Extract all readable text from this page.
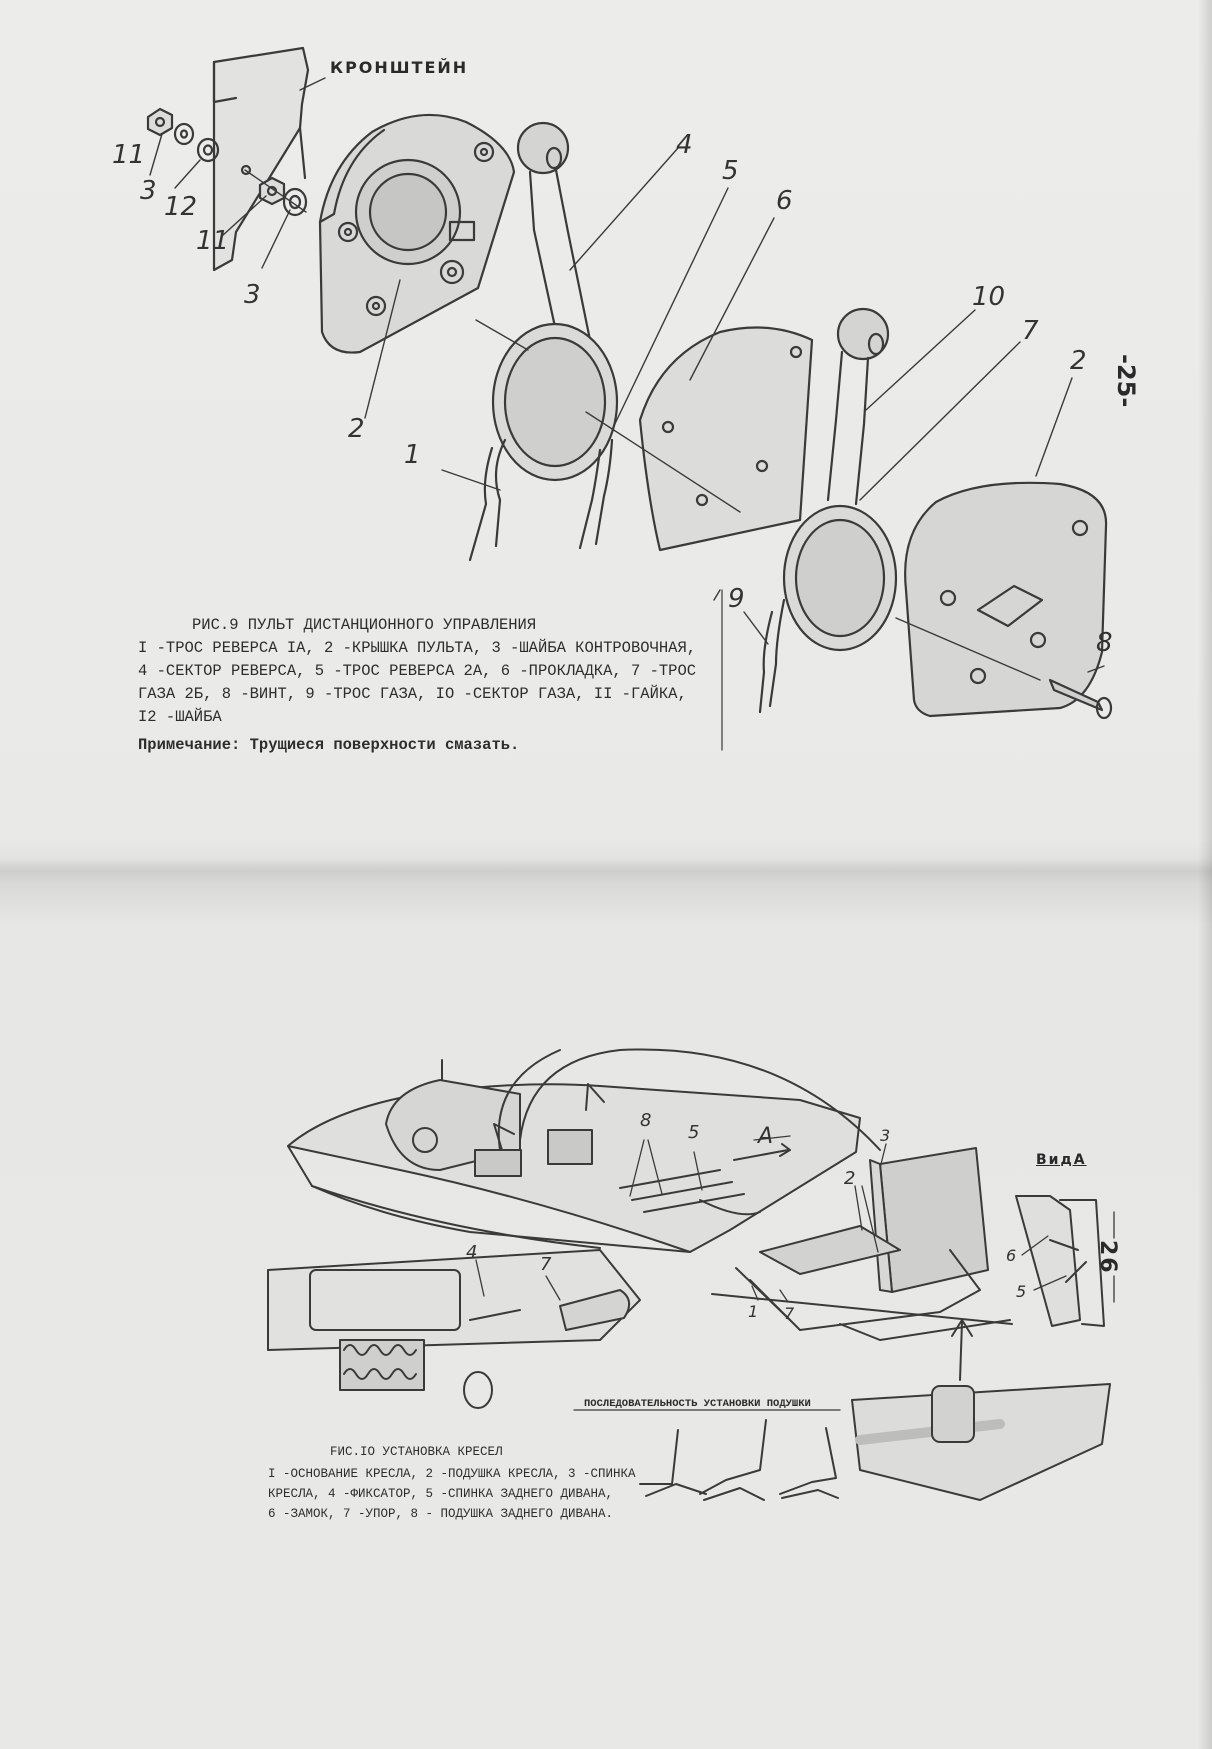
-25-
26
КРОНШТЕЙН
11
3
12
11
3
2
1
4
5
6
10
7
2
9
8
РИС.9 ПУЛЬТ ДИСТАНЦИОННОГО УПРАВЛЕНИЯ
I -ТРОС РЕВЕРСА IA, 2 -КРЫШКА ПУЛЬТА, 3 -ШАЙБА КОНТРОВОЧНАЯ,
4 -СЕКТОР РЕВЕРСА, 5 -ТРОС РЕВЕРСА 2А, 6 -ПРОКЛАДКА, 7 -ТРОС
ГАЗА 2Б, 8 -ВИНТ, 9 -ТРОС ГАЗА, IO -СЕКТОР ГАЗА, II -ГАЙКА,
I2 -ШАЙБА
Примечание: Трущиеся поверхности смазать.
ВидА
А
8
5	3
2
4
7
1 7
6
5
ПОСЛЕДОВАТЕЛЬНОСТЬ УСТАНОВКИ ПОДУШКИ
FИС.IO УСТАНОВКА КРЕСЕЛ
I -ОСНОВАНИЕ КРЕСЛА, 2 -ПОДУШКА КРЕСЛА, 3 -СПИНКА
КРЕСЛА, 4 -ФИКСАТОР, 5 -СПИНКА ЗАДНЕГО ДИВАНА,
6 -ЗАМОК, 7 -УПОР, 8 - ПОДУШКА ЗАДНЕГО ДИВАНА.
